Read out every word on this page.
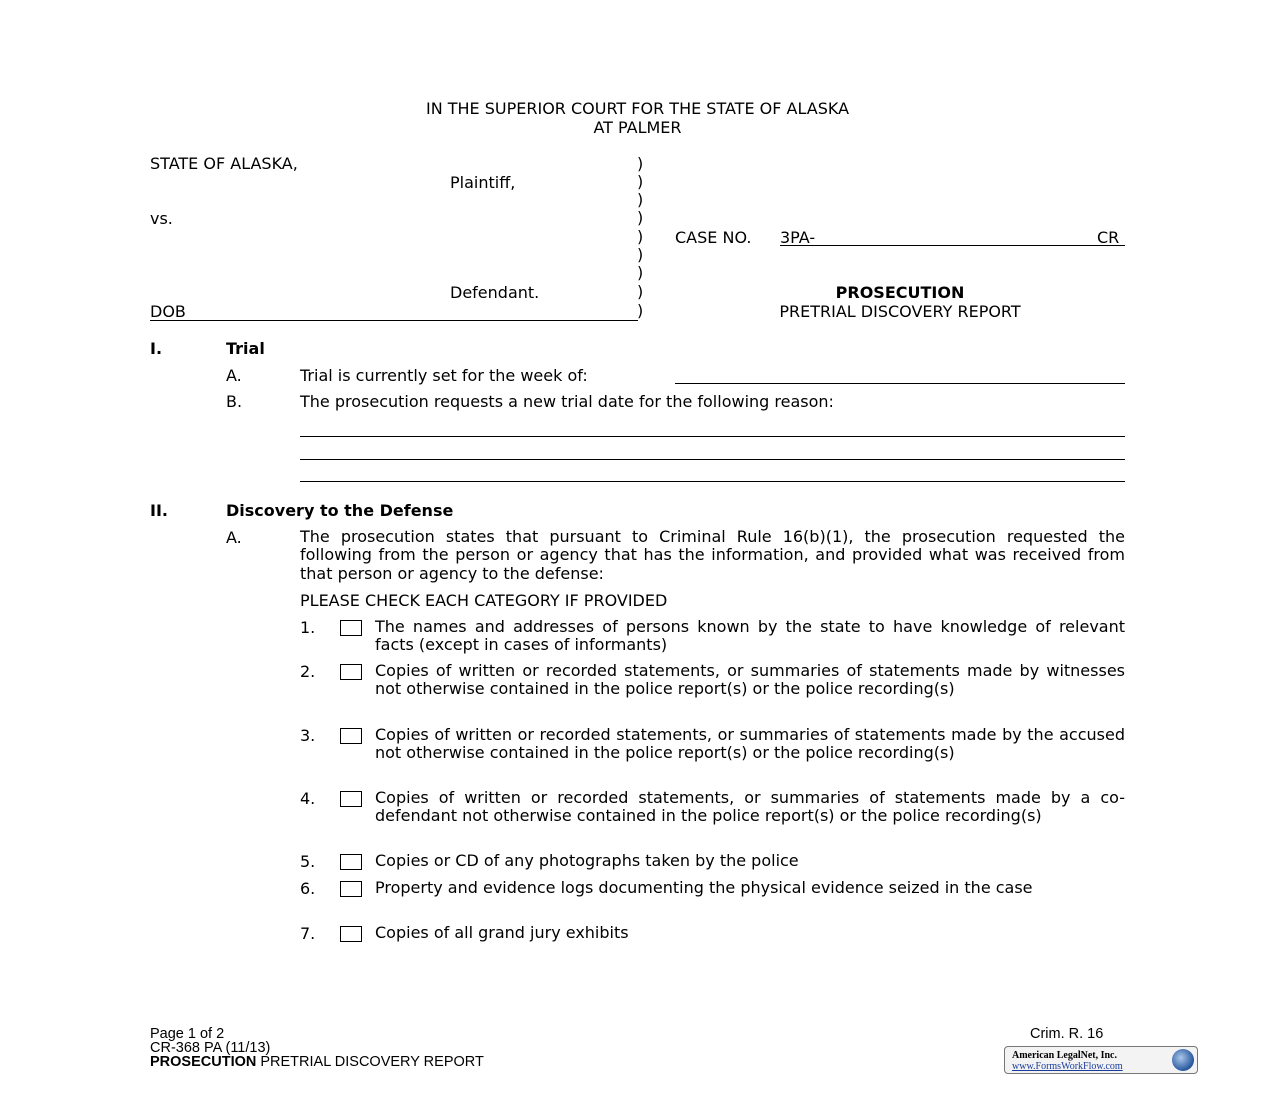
IN THE SUPERIOR COURT FOR THE STATE OF ALASKA
AT PALMER
STATE OF ALASKA,
Plaintiff,
vs.
Defendant.
DOB
)
)
)
)
)
)
)
)
)
CASE NO. 3PA-	CR
PROSECUTION
PRETRIAL DISCOVERY REPORT
I.	Trial
A.	Trial is currently set for the week of:
B.	The prosecution requests a new trial date for the following reason:
II.	Discovery to the Defense
A.	The prosecution states that pursuant to Criminal Rule 16(b)(1), the prosecution requested the following from the person or agency that has the information, and provided what was received from that person or agency to the defense:
PLEASE CHECK EACH CATEGORY IF PROVIDED
1.	The names and addresses of persons known by the state to have knowledge of relevant facts (except in cases of informants)
2.	Copies of written or recorded statements, or summaries of statements made by witnesses not otherwise contained in the police report(s) or the police recording(s)
3.	Copies of written or recorded statements, or summaries of statements made by the accused not otherwise contained in the police report(s) or the police recording(s)
4.	Copies of written or recorded statements, or summaries of statements made by a co-defendant not otherwise contained in the police report(s) or the police recording(s)
5.	Copies or CD of any photographs taken by the police
6.	Property and evidence logs documenting the physical evidence seized in the case
7.	Copies of all grand jury exhibits
Page 1 of 2
CR-368 PA (11/13)
PROSECUTION PRETRIAL DISCOVERY REPORT
Crim. R. 16
American LegalNet, Inc.
www.FormsWorkFlow.com
